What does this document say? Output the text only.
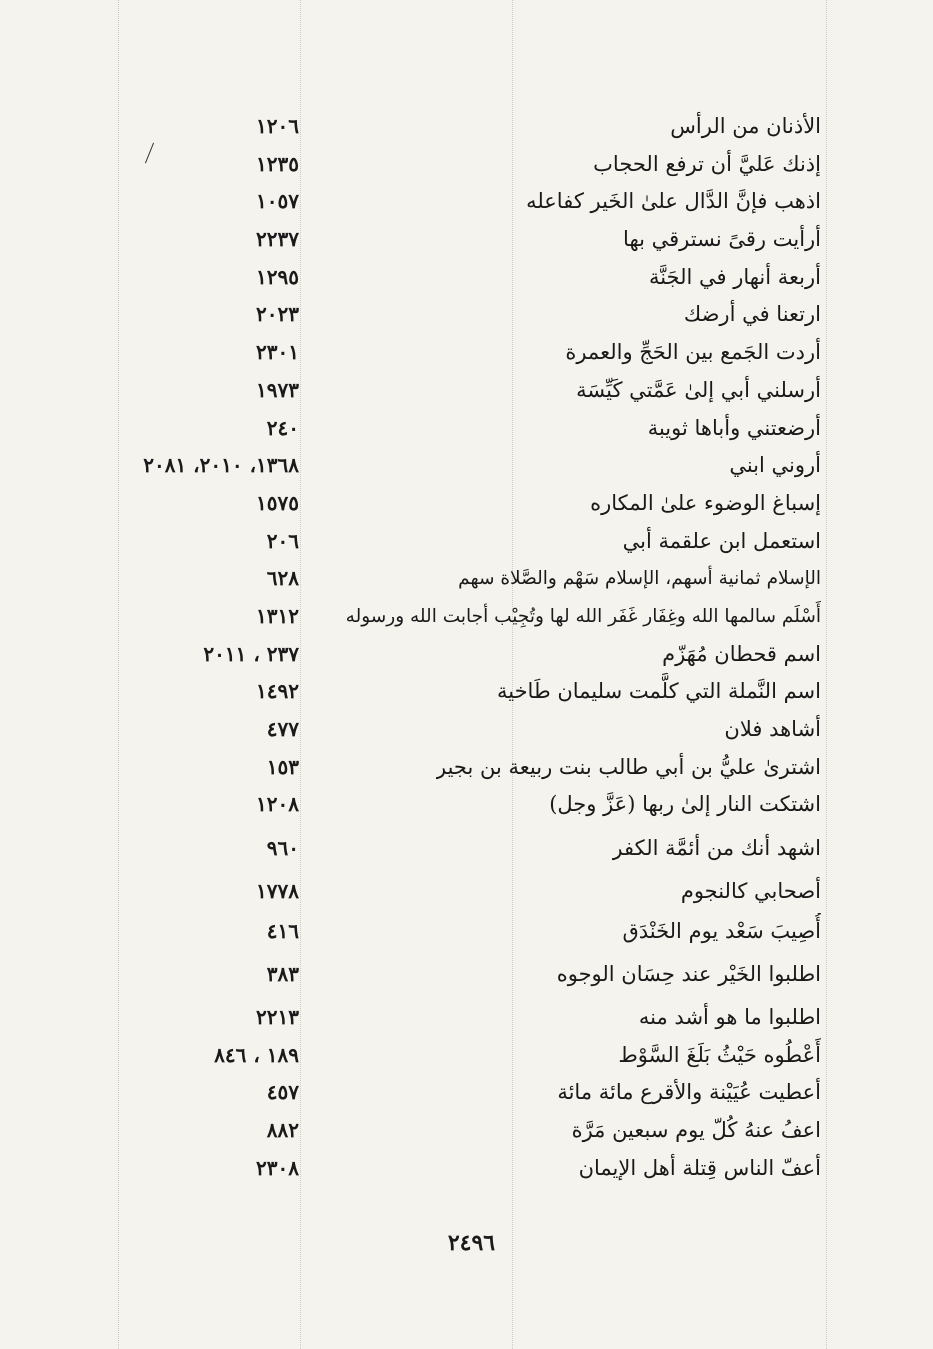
الأذنان من الرأس
١٢٠٦
إذنك عَليَّ أن ترفع الحجاب
١٢٣٥
اذهب فإنَّ الدَّال علىٰ الخَير كفاعله
١٠٥٧
أرأيت رقىً نسترقي بها
٢٢٣٧
أربعة أنهار في الجَنَّة
١٢٩٥
ارتعنا في أرضك
٢٠٢٣
أردت الجَمع بين الحَجِّ والعمرة
٢٣٠١
أرسلني أبي إلىٰ عَمَّتي كَيِّسَة
١٩٧٣
أرضعتني وأباها ثويبة
٢٤٠
أروني ابني
١٣٦٨، ٢٠١٠، ٢٠٨١
إسباغ الوضوء علىٰ المكاره
١٥٧٥
استعمل ابن علقمة أبي
٢٠٦
الإسلام ثمانية أسهم، الإسلام سَهْم والصَّلاة سهم
٦٢٨
أَسْلَم سالمها الله وغِفَار غَفَر الله لها وتُجِيْب أجابت الله ورسوله
١٣١٢
اسم قحطان مُهَزّم
٢٣٧ ، ٢٠١١
اسم النَّملة التي كلَّمت سليمان طَاخية
١٤٩٢
أشاهد فلان
٤٧٧
اشترىٰ عليُّ بن أبي طالب بنت ربيعة بن بجير
١٥٣
اشتكت النار إلىٰ ربها (عَزَّ وجل)
١٢٠٨
اشهد أنك من أئمَّة الكفر
٩٦٠
أصحابي كالنجوم
١٧٧٨
أُصِيبَ سَعْد يوم الخَنْدَق
٤١٦
اطلبوا الخَيْر عند حِسَان الوجوه
٣٨٣
اطلبوا ما هو أشد منه
٢٢١٣
أَعْطُوه حَيْثُ بَلَغَ السَّوْط
١٨٩ ، ٨٤٦
أعطيت عُيَيْنة والأقرع مائة مائة
٤٥٧
اعفُ عنهُ كُلّ يوم سبعين مَرَّة
٨٨٢
أعفّ الناس قِتلة أهل الإيمان
٢٣٠٨
٢٤٩٦
